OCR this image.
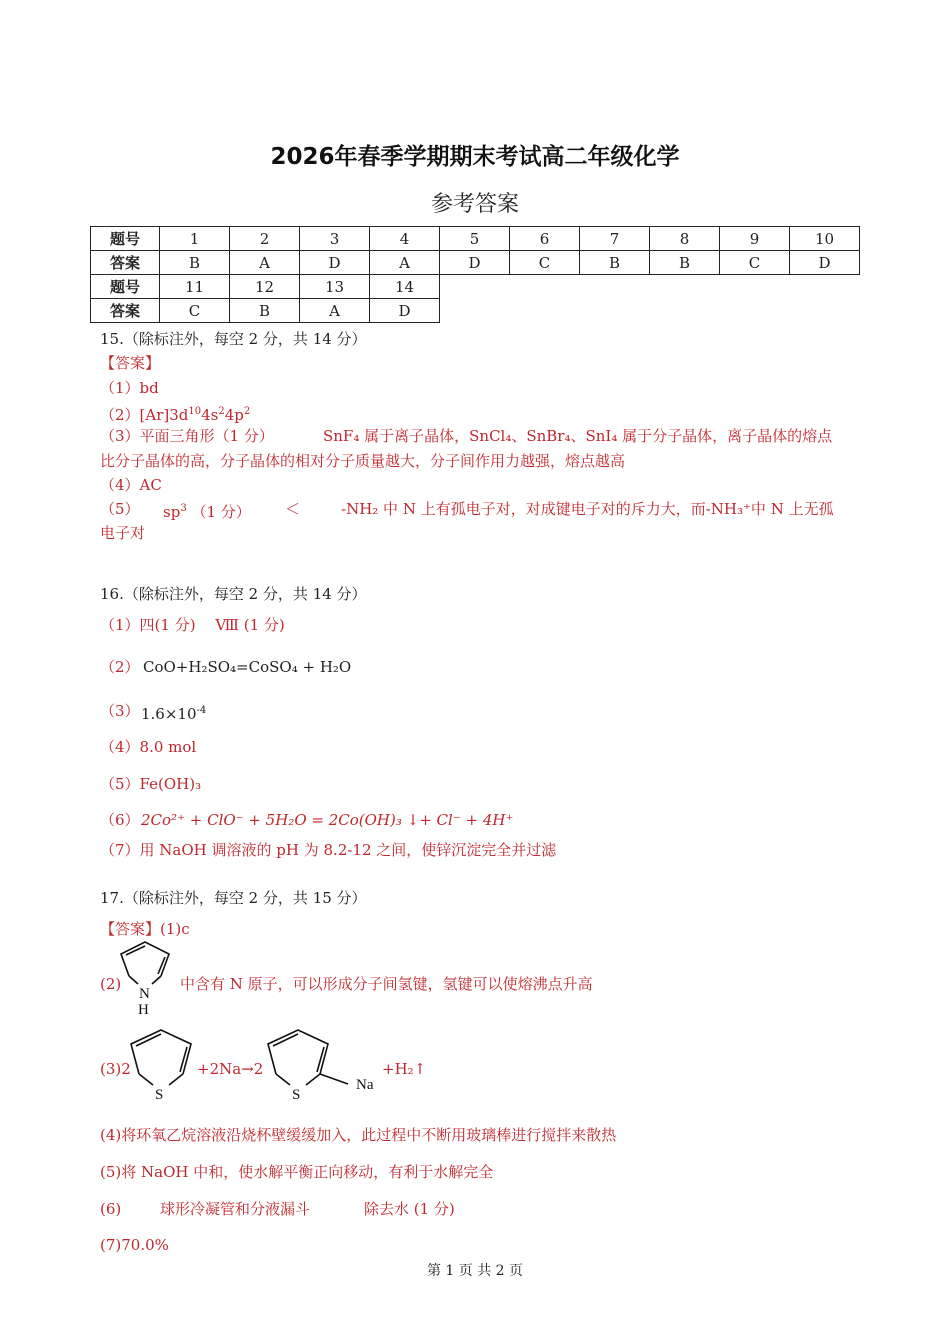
2026年春季学期期末考试高二年级化学
参考答案
题号	1	2	3	4	5	6	7	8	9	10
答案	B	A	D	A	D	C	B	B	C	D
题号	11	12	13	14						
答案	C	B	A	D						
15.（除标注外，每空 2 分，共 14 分）
【答案】
（1）bd
$(2)[Ar]3d^{10}4s^24p^2$
（3）平面三角形（1 分）	SnF₄ 属于离子晶体，SnCl₄、SnBr₄、SnI₄ 属于分子晶体，离子晶体的熔点
比分子晶体的高，分子晶体的相对分子质量越大，分子间作用力越强，熔点越高
（4）AC
（5） $sp^3$ （1 分） ＜	-NH₂ 中 N 上有孤电子对，对成键电子对的斥力大，而-NH₃⁺中 N 上无孤
电子对
16.（除标注外，每空 2 分，共 14 分）
（1）四(1 分)　 Ⅷ (1 分)
（2） CoO+H₂SO₄=CoSO₄ + H₂O
（3） $1.6\times 10^{-4}$
（4）8.0 mol
（5）Fe(OH)₃
（6） 2Co²⁺ + ClO⁻ + 5H₂O = 2Co(OH)₃ ↓+ Cl⁻ + 4H⁺
（7）用 NaOH 调溶液的 pH 为 8.2-12 之间，使锌沉淀完全并过滤
17.（除标注外，每空 2 分，共 15 分）
【答案】(1)c
(2)
N
H
中含有 N 原子，可以形成分子间氢键，氢键可以使熔沸点升高
(3)2
S
+2Na→2
S
Na
+H₂↑
(4)将环氧乙烷溶液沿烧杯壁缓缓加入，此过程中不断用玻璃棒进行搅拌来散热
(5)将 NaOH 中和，使水解平衡正向移动，有利于水解完全
(6)	球形冷凝管和分液漏斗	除去水 (1 分)
(7)70.0%
第 1 页 共 2 页
